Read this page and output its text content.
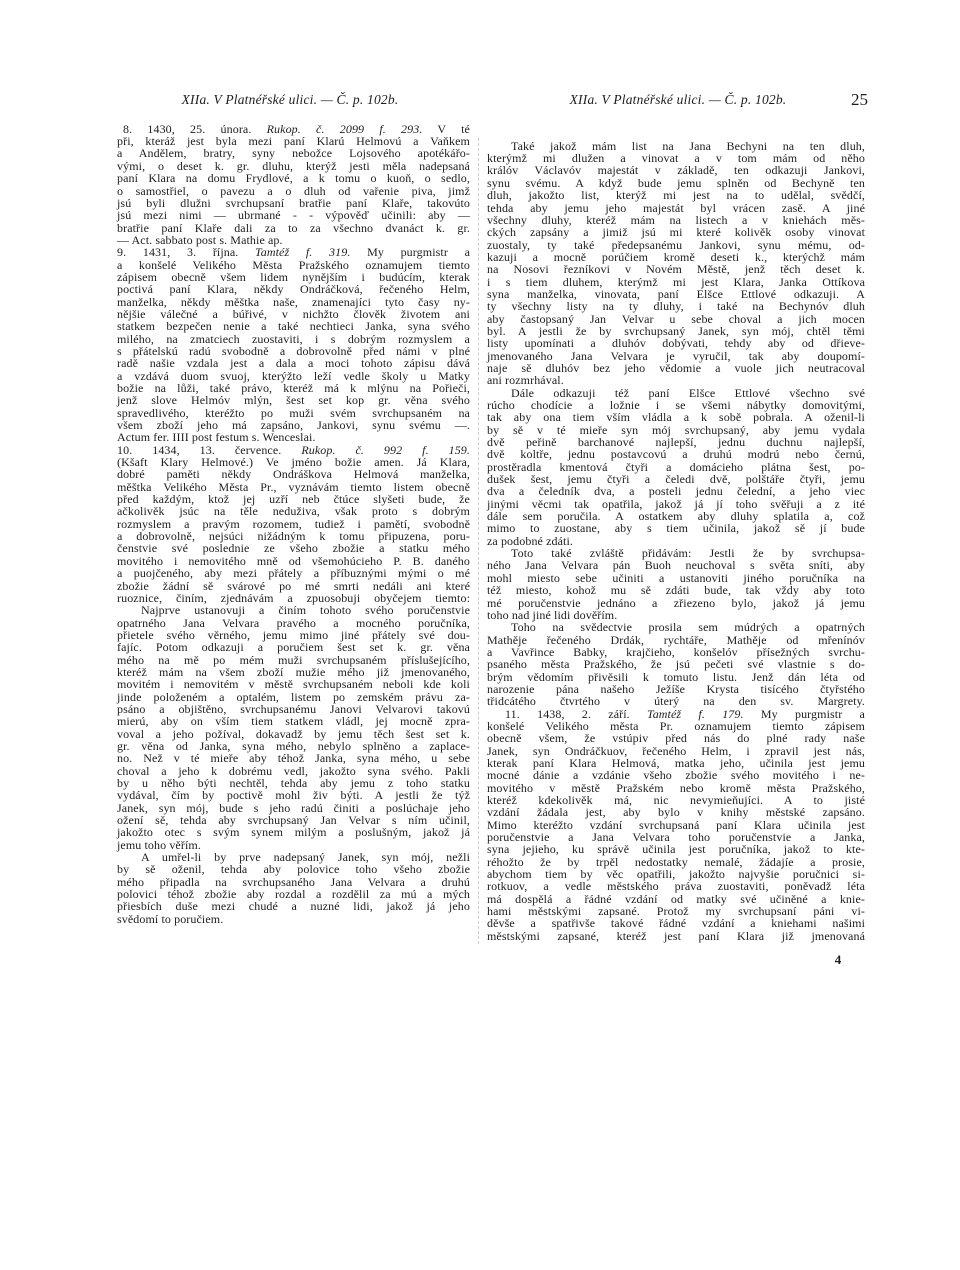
XIIa. V Platnéřské ulici. — Č. p. 102b.	XIIa. V Platnéřské ulici. — Č. p. 102b.	25
8. 1430, 25. února. Rukop. č. 2099 f. 293. V té
při, kteráž jest byla mezi paní Klarú Helmovú a Vaňkem
a Andělem, bratry, syny nebožce Lojsového apotékářo-
vými, o deset k. gr. dluhu, kterýž jesti měla nadepsaná
paní Klara na domu Frydlové, a k tomu o kuoň, o sedlo,
o samostřiel, o pavezu a o dluh od vařenie piva, jimž
jsú byli dlužni svrchupsaní bratřie paní Klaře, takovúto
jsú mezi nimi — ubrmané - - výpověď učinili: aby —
bratřie paní Klaře dali za to za všechno dvanáct k. gr.
— Act. sabbato post s. Mathie ap.
9. 1431, 3. října. Tamtéž f. 319. My purgmistr a
a konšelé Velikého Města Pražského oznamujem tiemto
zápisem obecně všem lidem nynějším i budúcím, kterak
poctivá paní Klara, někdy Ondráčková, řečeného Helm,
manželka, někdy měštka naše, znamenajíci tyto časy ny-
nějšie válečné a búřivé, v nichžto člověk životem ani
statkem bezpečen nenie a také nechtieci Janka, syna svého
milého, na zmatciech zuostaviti, i s dobrým rozmyslem a
s přátelskú radú svobodně a dobrovolně před námi v plné
radě našie vzdala jest a dala a moci tohoto zápisu dává
a vzdává duom svuoj, kterýžto leží vedle školy u Matky
božie na lůži, také právo, kteréž má k mlýnu na Pořieči,
jenž slove Helmóv mlýn, šest set kop gr. věna svého
spravedlivého, kteréžto po muži svém svrchupsaném na
všem zboží jeho má zapsáno, Jankovi, synu svému —.
Actum fer. IIII post festum s. Wenceslai.
10. 1434, 13. července. Rukop. č. 992 f. 159.
(Kšaft Klary Helmové.) Ve jméno božie amen. Já Klara,
dobré paměti někdy Ondráškova Helmová manželka,
měštka Velikého Města Pr., vyznávám tiemto listem obecně
před každým, ktož jej uzří neb čtúce slyšeti bude, že
ačkolivěk jsúc na těle neduživa, však proto s dobrým
rozmyslem a pravým rozomem, tudiež i pamětí, svobodně
a dobrovolně, nejsúci nižádným k tomu připuzena, poru-
čenstvie své poslednie ze všeho zbožie a statku mého
movitého i nemovitého mně od všemohúcieho P. B. daného
a puojčeného, aby mezi přátely a příbuznými mými o mé
zbožie žádní sě svárové po mé smrti nedáli ani které
ruoznice, činím, zjednávám a zpuosobuji obyčejem tiemto:
Najprve ustanovuji a činím tohoto svého poručenstvie
opatrného Jana Velvara pravého a mocného poručníka,
přietele svého věrného, jemu mimo jiné přátely své dou-
fajíc. Potom odkazuji a poručiem šest set k. gr. věna
mého na mě po mém muži svrchupsaném příslušejícího,
kteréž mám na všem zboží mužie mého již jmenovaného,
movitém i nemovitém v městě svrchupsaném neboli kde koli
jinde položeném a optalém, listem po zemském právu za-
psáno a objištěno, svrchupsanému Janovi Velvarovi takovú
mierú, aby on vším tiem statkem vládl, jej mocně zpra-
voval a jeho požíval, dokavadž by jemu těch šest set k.
gr. věna od Janka, syna mého, nebylo splněno a zaplace-
no. Než v té mieře aby téhož Janka, syna mého, u sebe
choval a jeho k dobrému vedl, jakožto syna svého. Pakli
by u něho býti nechtěl, tehda aby jemu z toho statku
vydával, čím by poctivě mohl živ býti. A jestli že týž
Janek, syn mój, bude s jeho radú činiti a poslúchaje jeho
ožení sě, tehda aby svrchupsaný Jan Velvar s ním učinil,
jakožto otec s svým synem milým a poslušným, jakož já
jemu toho věřím.
A umřel-li by prve nadepsaný Janek, syn mój, nežli
by sě oženil, tehda aby polovice toho všeho zbožie
mého připadla na svrchupsaného Jana Velvara a druhú
polovici téhož zbožie aby rozdal a rozdělil za mú a mých
přiesbích duše mezi chudé a nuzné lidi, jakož já jeho
svědomí to poručiem.
Také jakož mám list na Jana Bechyni na ten dluh,
kterýmž mi dlužen a vinovat a v tom mám od něho
králóv Václavóv majestát v základě, ten odkazuji Jankovi,
synu svému. A když bude jemu splněn od Bechyně ten
dluh, jakožto list, kterýž mi jest na to udělal, svědčí,
tehda aby jemu jeho majestát byl vrácen zasě. A jiné
všechny dluhy, kteréž mám na listech a v kniehách měs-
ckých zapsány a jimiž jsú mi které kolivěk osoby vinovat
zuostaly, ty také předepsanému Jankovi, synu mému, od-
kazuji a mocně porúčiem kromě deseti k., kterýchž mám
na Nosovi řezníkovi v Novém Městě, jenž těch deset k.
i s tiem dluhem, kterýmž mi jest Klara, Janka Ottíkova
syna manželka, vinovata, paní Elšce Ettlové odkazuji. A
ty všechny listy na ty dluhy, i také na Bechynóv dluh
aby častopsaný Jan Velvar u sebe choval a jich mocen
byl. A jestli že by svrchupsaný Janek, syn mój, chtěl těmi
listy upomínati a dluhóv dobývati, tehdy aby od dřieve-
jmenovaného Jana Velvara je vyručil, tak aby doupomí-
naje sě dluhóv bez jeho vědomie a vuole jich neutracoval
ani rozmrhával.
Dále odkazuji též paní Elšce Ettlové všechno své
rúcho chodície a ložnie i se všemi nábytky domovitými,
tak aby ona tiem vším vládla a k sobě pobrala. A oženil-li
by sě v té mieře syn mój svrchupsaný, aby jemu vydala
dvě peřině barchanové najlepší, jednu duchnu najlepší,
dvě koltře, jednu postavcovú a druhú modrú nebo černú,
prostěradla kmentová čtyři a domácieho plátna šest, po-
dušek šest, jemu čtyři a čeledi dvě, polštáře čtyři, jemu
dva a čeledník dva, a posteli jednu čelední, a jeho viec
jinými věcmi tak opatřila, jakož já jí toho svěřuji a z ité
dále sem poručila. A ostatkem aby dluhy splatila a, což
mimo to zuostane, aby s tiem učinila, jakož sě jí bude
za podobné zdáti.
Toto také zvláště přidávám: Jestli že by svrchupsa-
ného Jana Velvara pán Buoh neuchoval s světa sníti, aby
mohl miesto sebe učiniti a ustanoviti jiného poručníka na
též miesto, kohož mu sě zdáti bude, tak vždy aby toto
mé poručenstvie jednáno a zřiezeno bylo, jakož já jemu
toho nad jiné lidi dověřím.
Toho na svědectvie prosila sem múdrých a opatrných
Mathěje řečeného Drdák, rychtáře, Mathěje od mřenínóv
a Vavřince Babky, krajčieho, konšelóv přísežných svrchu-
psaného města Pražského, že jsú pečeti své vlastnie s do-
brým vědomím přivěsili k tomuto listu. Jenž dán léta od
narozenie pána našeho Ježíše Krysta tisícého čtyřstého
třidcátého čtvrtého v úterý na den sv. Margrety.
11. 1438, 2. září. Tamtéž f. 179. My purgmistr a
konšelé Velikého města Pr. oznamujem tiemto zápisem
obecně všem, že vstúpiv před nás do plné rady naše
Janek, syn Ondráčkuov, řečeného Helm, i zpravil jest nás,
kterak paní Klara Helmová, matka jeho, učinila jest jemu
mocné dánie a vzdánie všeho zbožie svého movitého i ne-
movitého v městě Pražském nebo kromě města Pražského,
kteréž kdekolivěk má, nic nevymieňujíci. A to jisté
vzdání žádala jest, aby bylo v knihy městské zapsáno.
Mimo kteréžto vzdání svrchupsaná paní Klara učinila jest
poručenstvie a Jana Velvara toho poručenstvie a Janka,
syna jejieho, ku správě učinila jest poručníka, jakož to kte-
réhožto že by trpěl nedostatky nemalé, žádajíe a prosie,
abychom tiem by věc opatřili, jakožto najvyšie poručnici si-
rotkuov, a vedle městského práva zuostaviti, poněvadž léta
má dospělá a řádné vzdání od matky své učiněné a knie-
hami městskými zapsané. Protož my svrchupsaní páni vi-
děvše a spatřivše takové řádné vzdání a kniehami našimi
městskými zapsané, kteréž jest paní Klara již jmenovaná
4
